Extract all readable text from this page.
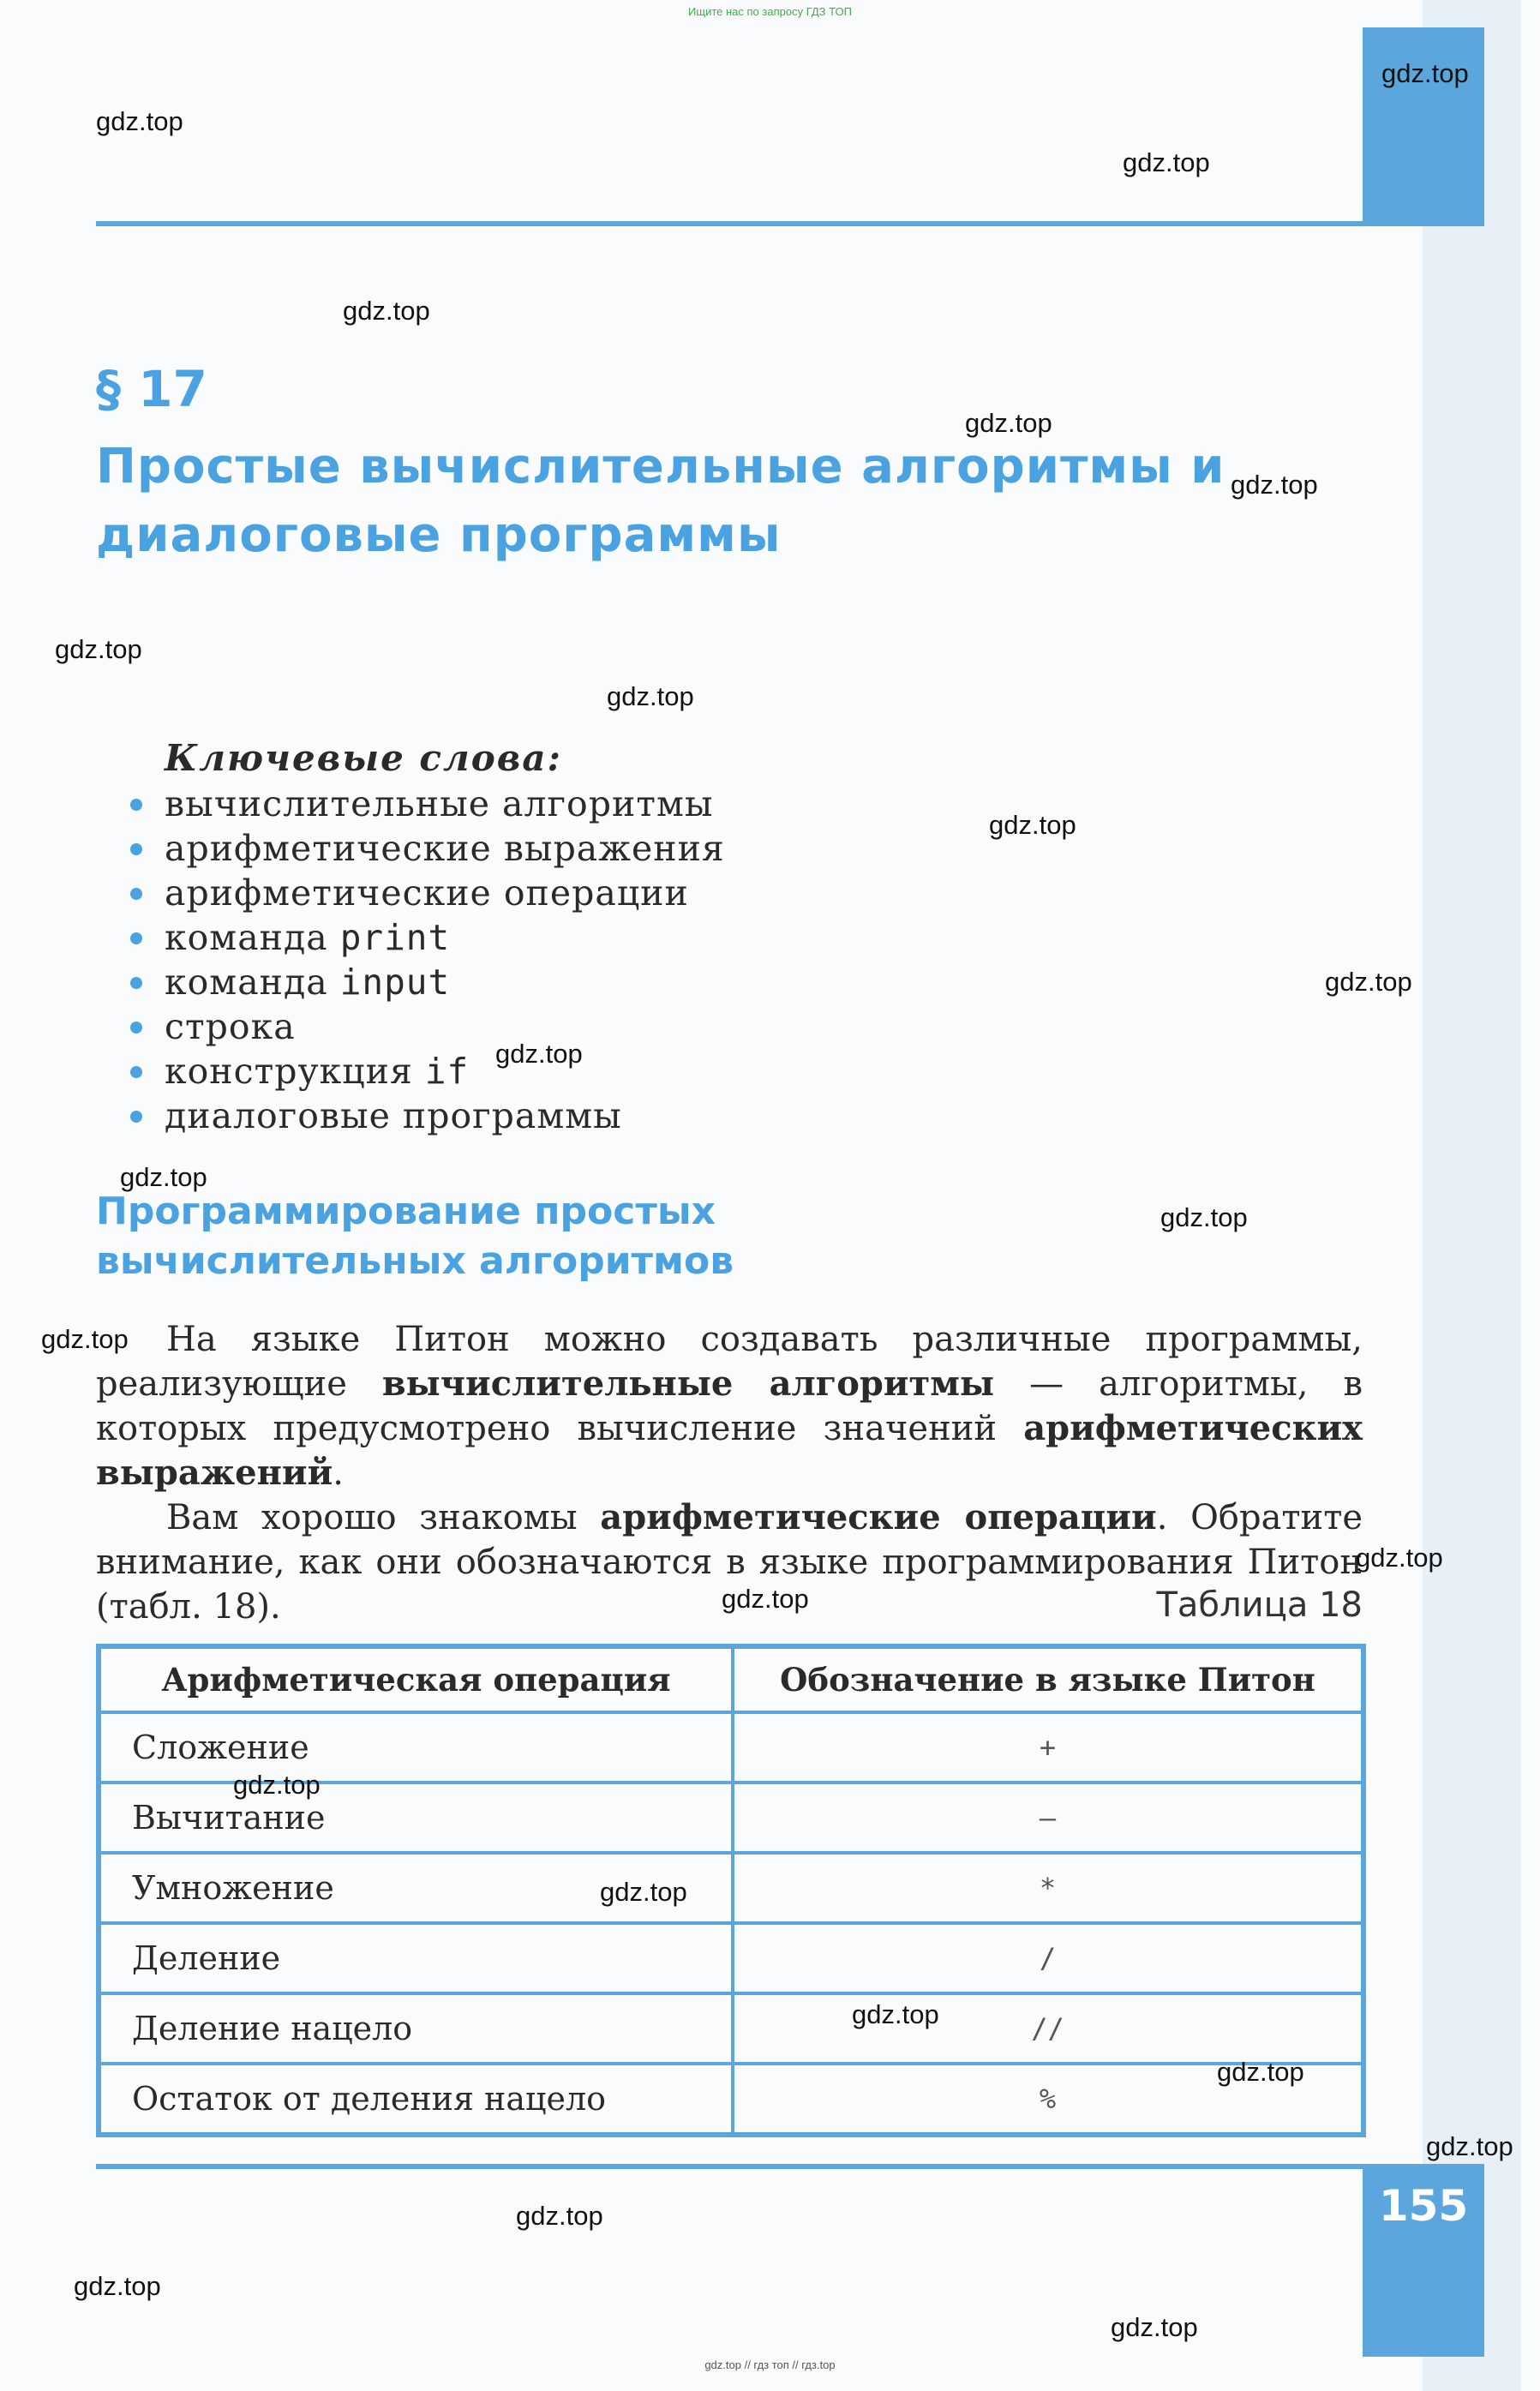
Ищите нас по запросу ГДЗ ТОП
§ 17
Простые вычислительные алгоритмы и диалоговые программы
Ключевые слова:
вычислительные алгоритмы
арифметические выражения
арифметические операции
команда print
команда input
строка
конструкция if
диалоговые программы
Программирование простых вычислительных алгоритмов

На языке Питон можно создавать различные программы, реализующие вычислительные алгоритмы — алгоритмы, в которых предусмотрено вычисление значений арифметических выражений.

Вам хорошо знакомы арифметические операции. Обратите внимание, как они обозначаются в языке программирования Питон (табл. 18).	Таблица 18
Арифметическая операция	Обозначение в языке Питон
Сложение	+
Вычитание	–
Умножение	*
Деление	/
Деление нацело	//
Остаток от деления нацело	%
155
gdz.top // гдз топ // гдз.top
gdz.top
gdz.top
gdz.top
gdz.top
gdz.top
gdz.top
gdz.top
gdz.top
gdz.top
gdz.top
gdz.top
gdz.top
gdz.top
gdz.top
gdz.top
gdz.top
gdz.top
gdz.top
gdz.top
gdz.top
gdz.top
gdz.top
gdz.top
gdz.top
